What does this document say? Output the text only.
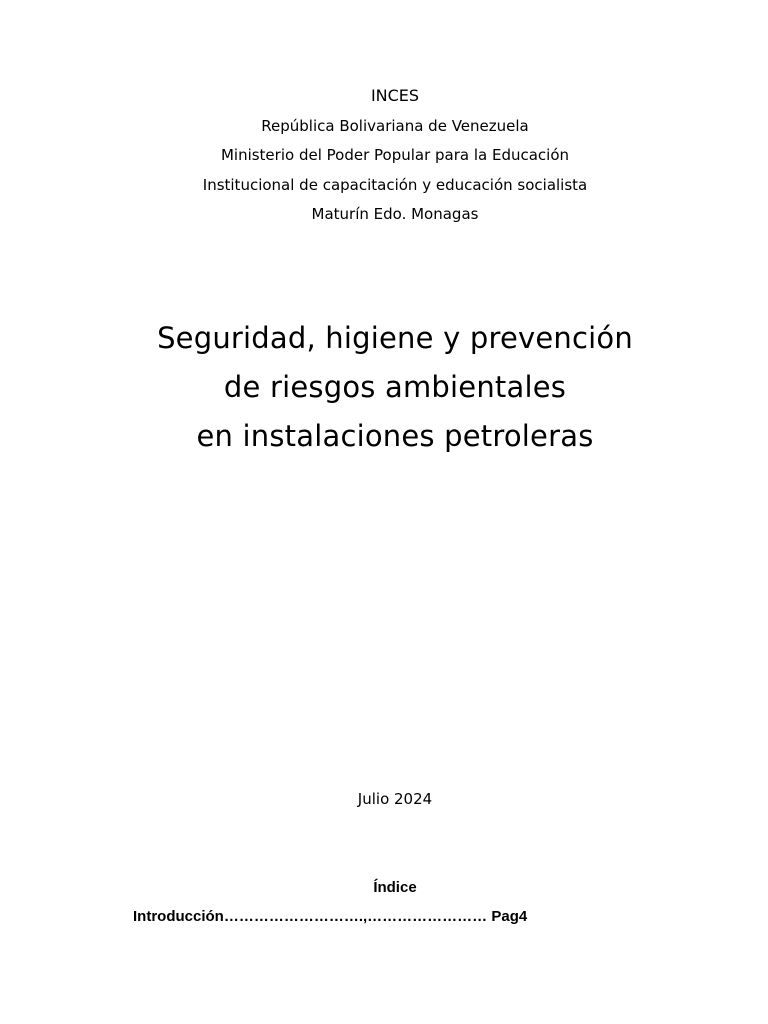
INCES
República Bolivariana de Venezuela
Ministerio del Poder Popular para la Educación
Institucional de capacitación y educación socialista
Maturín Edo. Monagas
Seguridad, higiene y prevención
de riesgos ambientales
en instalaciones petroleras
Julio 2024
Índice
Introducción……………………….,…………………… Pag4
